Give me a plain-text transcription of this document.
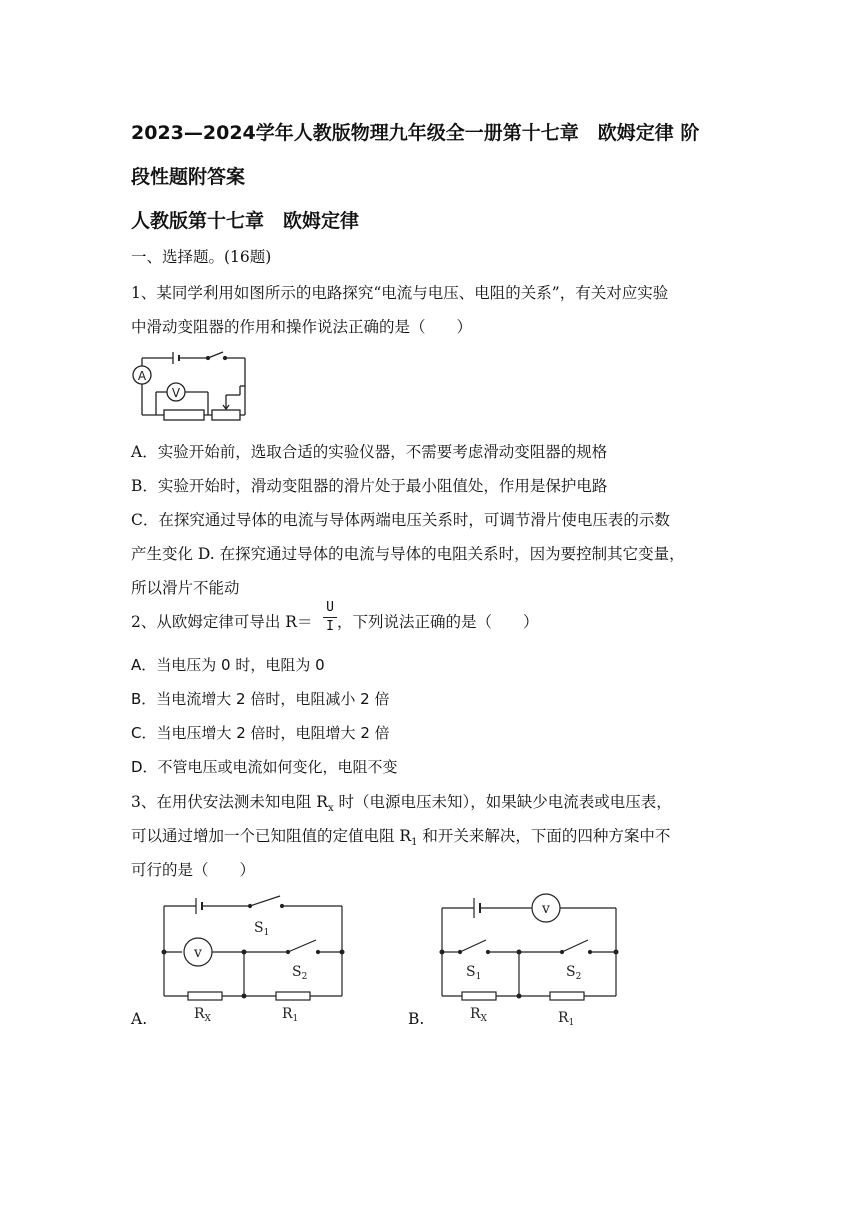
2023—2024学年人教版物理九年级全一册第十七章　欧姆定律 阶
段性题附答案
人教版第十七章　欧姆定律
一、选择题。(16题)
1、某同学利用如图所示的电路探究“电流与电压、电阻的关系”，有关对应实验
中滑动变阻器的作用和操作说法正确的是（　　）
A
V
A．实验开始前，选取合适的实验仪器，不需要考虑滑动变阻器的规格
B．实验开始时，滑动变阻器的滑片处于最小阻值处，作用是保护电路
C．在探究通过导体的电流与导体两端电压关系时，可调节滑片使电压表的示数
产生变化 D. 在探究通过导体的电流与导体的电阻关系时，因为要控制其它变量，
所以滑片不能动
2、从欧姆定律可导出 R＝
U
I ，下列说法正确的是（　　）
A．当电压为 0 时，电阻为 0
B．当电流增大 2 倍时，电阻减小 2 倍
C．当电压增大 2 倍时，电阻增大 2 倍
D．不管电压或电流如何变化，电阻不变
3、在用伏安法测未知电阻 $R_x$ 时（电源电压未知），如果缺少电流表或电压表，
可以通过增加一个已知阻值的定值电阻 $R_1$ 和开关来解决，下面的四种方案中不
可行的是（　　）
v
$S_1$
$S_2$
$R_X$	$R_1$
A.
v
$S_1$	$S_2$
$R_X$	$R_1$
B.
